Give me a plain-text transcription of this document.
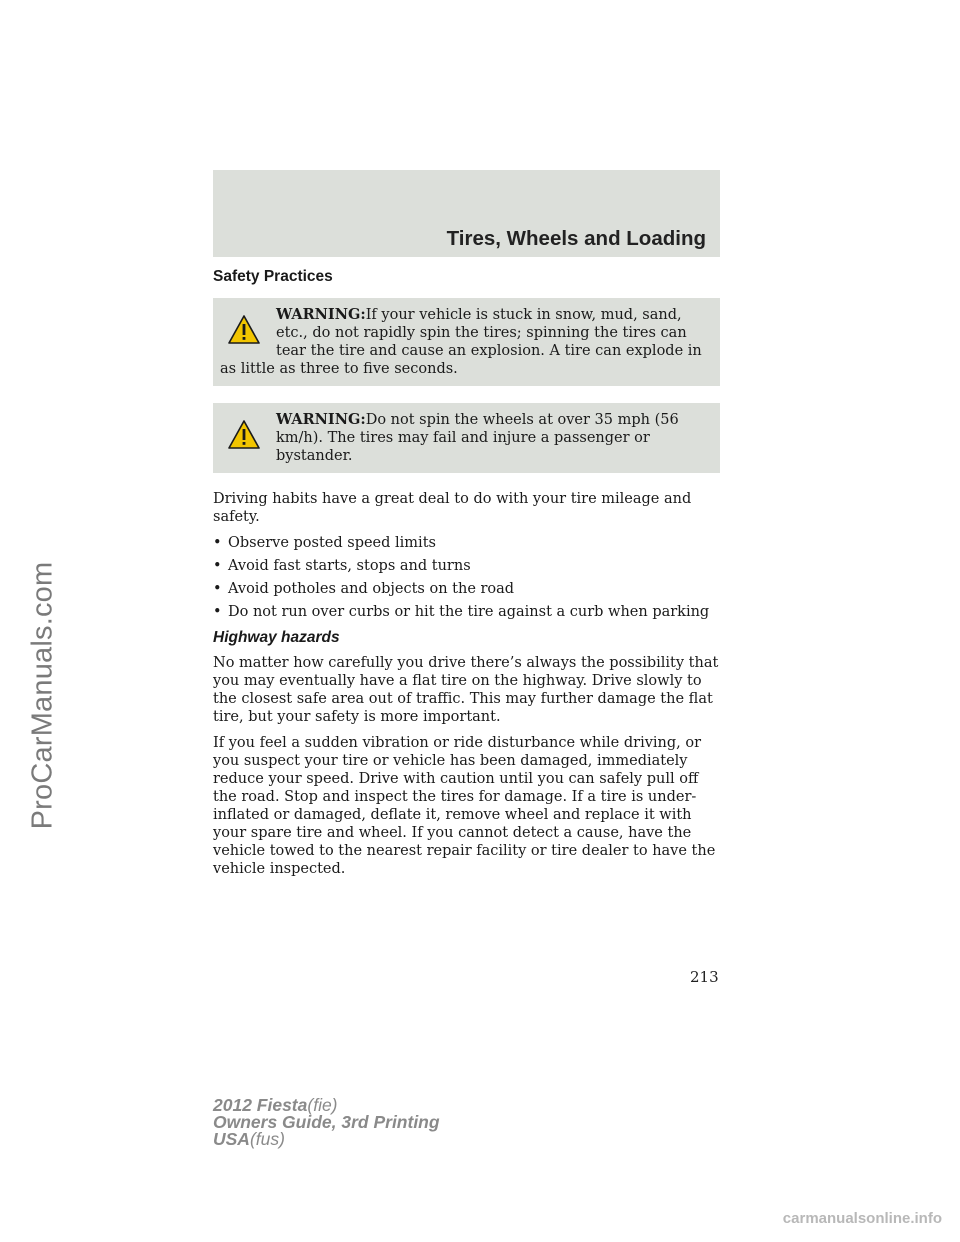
ProCarManuals.com
Tires, Wheels and Loading
Safety Practices
WARNING:If your vehicle is stuck in snow, mud, sand, etc., do not rapidly spin the tires; spinning the tires can tear the tire and cause an explosion. A tire can explode in as little as three to five seconds.
WARNING:Do not spin the wheels at over 35 mph (56 km/h). The tires may fail and injure a passenger or bystander.

Driving habits have a great deal to do with your tire mileage and safety.

• Observe posted speed limits
• Avoid fast starts, stops and turns
• Avoid potholes and objects on the road
• Do not run over curbs or hit the tire against a curb when parking
Highway hazards

No matter how carefully you drive there’s always the possibility that you may eventually have a flat tire on the highway. Drive slowly to the closest safe area out of traffic. This may further damage the flat tire, but your safety is more important.

If you feel a sudden vibration or ride disturbance while driving, or you suspect your tire or vehicle has been damaged, immediately reduce your speed. Drive with caution until you can safely pull off the road. Stop and inspect the tires for damage. If a tire is under-inflated or damaged, deflate it, remove wheel and replace it with your spare tire and wheel. If you cannot detect a cause, have the vehicle towed to the nearest repair facility or tire dealer to have the vehicle inspected.

213
2012 Fiesta(fie)
Owners Guide, 3rd Printing
USA(fus)
carmanualsonline.info
